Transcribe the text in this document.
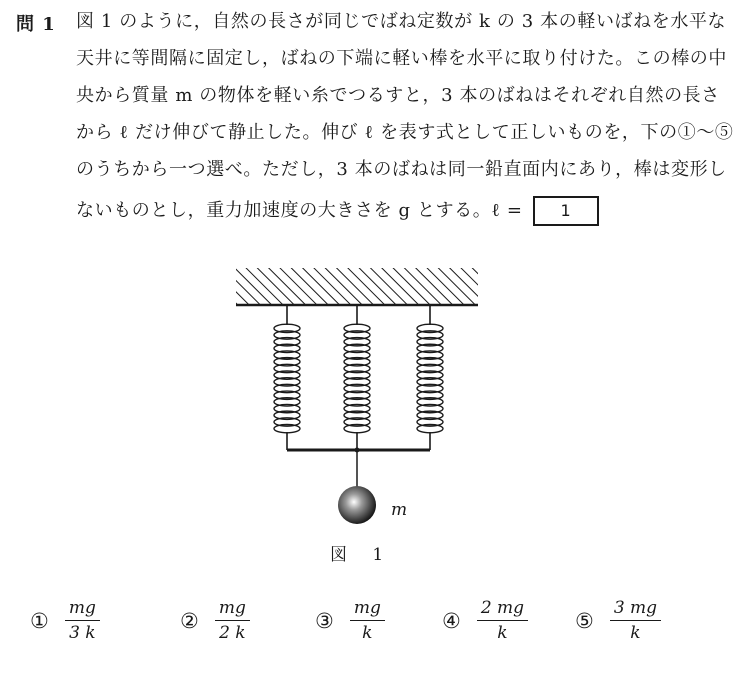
問 1 図 1 のように，自然の長さが同じでばね定数が k の 3 本の軽いばねを水平な
天井に等間隔に固定し，ばねの下端に軽い棒を水平に取り付けた。この棒の中
央から質量 m の物体を軽い糸でつるすと，3 本のばねはそれぞれ自然の長さ
から ℓ だけ伸びて静止した。伸び ℓ を表す式として正しいものを，下の①～⑤
のうちから一つ選べ。ただし，3 本のばねは同一鉛直面内にあり，棒は変形し
ないものとし，重力加速度の大きさを g とする。ℓ = 1
m
図 1
① $\frac{mg}{3 k}$	② $\frac{mg}{2 k}$	③ $\frac{mg}{k}$	④ $\frac{2 mg}{k}$ ⑤ $\frac{3 mg}{k}$
